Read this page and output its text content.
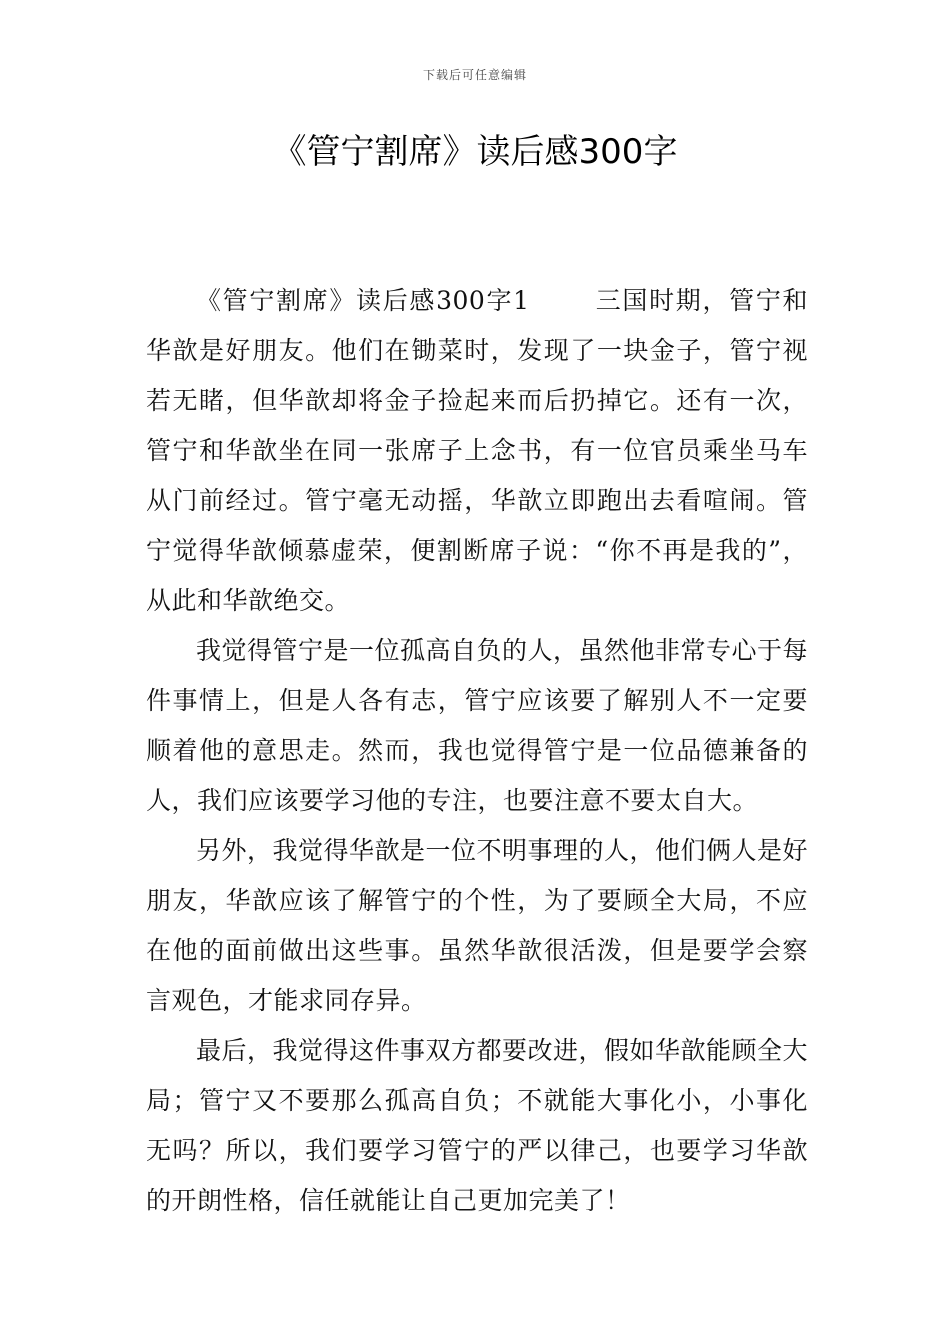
下载后可任意编辑
《管宁割席》读后感300字

《管宁割席》读后感300字1	三国时期，管宁和华歆是好朋友。他们在锄菜时，发现了一块金子，管宁视若无睹，但华歆却将金子捡起来而后扔掉它。还有一次，管宁和华歆坐在同一张席子上念书，有一位官员乘坐马车从门前经过。管宁毫无动摇，华歆立即跑出去看喧闹。管宁觉得华歆倾慕虚荣，便割断席子说：“你不再是我的”，从此和华歆绝交。

我觉得管宁是一位孤高自负的人，虽然他非常专心于每件事情上，但是人各有志，管宁应该要了解别人不一定要顺着他的意思走。然而，我也觉得管宁是一位品德兼备的人，我们应该要学习他的专注，也要注意不要太自大。

另外，我觉得华歆是一位不明事理的人，他们俩人是好朋友，华歆应该了解管宁的个性，为了要顾全大局，不应在他的面前做出这些事。虽然华歆很活泼，但是要学会察言观色，才能求同存异。

最后，我觉得这件事双方都要改进，假如华歆能顾全大局；管宁又不要那么孤高自负；不就能大事化小，小事化无吗？所以，我们要学习管宁的严以律己，也要学习华歆的开朗性格，信任就能让自己更加完美了！
